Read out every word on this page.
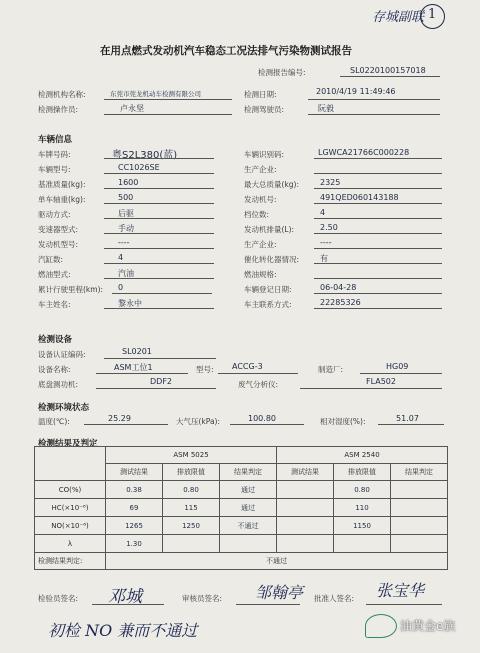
存城副联 1
在用点燃式发动机汽车稳态工况法排气污染物测试报告
检测报告编号:	SL0220100157018
检测机构名称:	东莞市莞龙机动车检测有限公司	检测日期:	2010/4/19 11:49:46
检测操作员:	卢永坚	检测驾驶员:	阮毅
车辆信息
车牌号码:	粤S2L380(蓝)
车辆型号:	CC1026SE
基准质量(kg):	1600
单车轴重(kg):	500
驱动方式:	后驱
变速器型式:	手动
发动机型号:	----
汽缸数:	4
燃油型式:	汽油
累计行驶里程(km): 0
车主姓名:	黎永中
车辆识别码:	LGWCA21766C000228
生产企业:
最大总质量(kg):	2325
发动机号:	491QED060143188
档位数:	4
发动机排量(L):	2.50
生产企业:	----
催化转化器情况:	有
燃油规格:
车辆登记日期:	06-04-28
车主联系方式:	22285326
检测设备
设备认证编码:	SL0201
设备名称:	ASM工位1	型号: ACCG-3	制造厂:	HG09
底盘测功机:	DDF2	废气分析仪:	FLA502
检测环境状态
温度(℃):	25.29	大气压(kPa):	100.80	相对湿度(%):	51.07
检测结果及判定
	ASM 5025			ASM 2540		
	测试结果	排放限值	结果判定	测试结果	排放限值	结果判定
CO(%)	0.38	0.80	通过		0.80	
HC(×10⁻⁶)	69	115	通过		110	
NO(×10⁻⁶)	1265	1250	不通过		1150	
λ	1.30					
检测结果判定:	不通过					
检验员签名: 邓城	审核员签名: 邹翰亭 批准人签名: 张宝华
初检 NO 兼而不通过	油黄金e族
